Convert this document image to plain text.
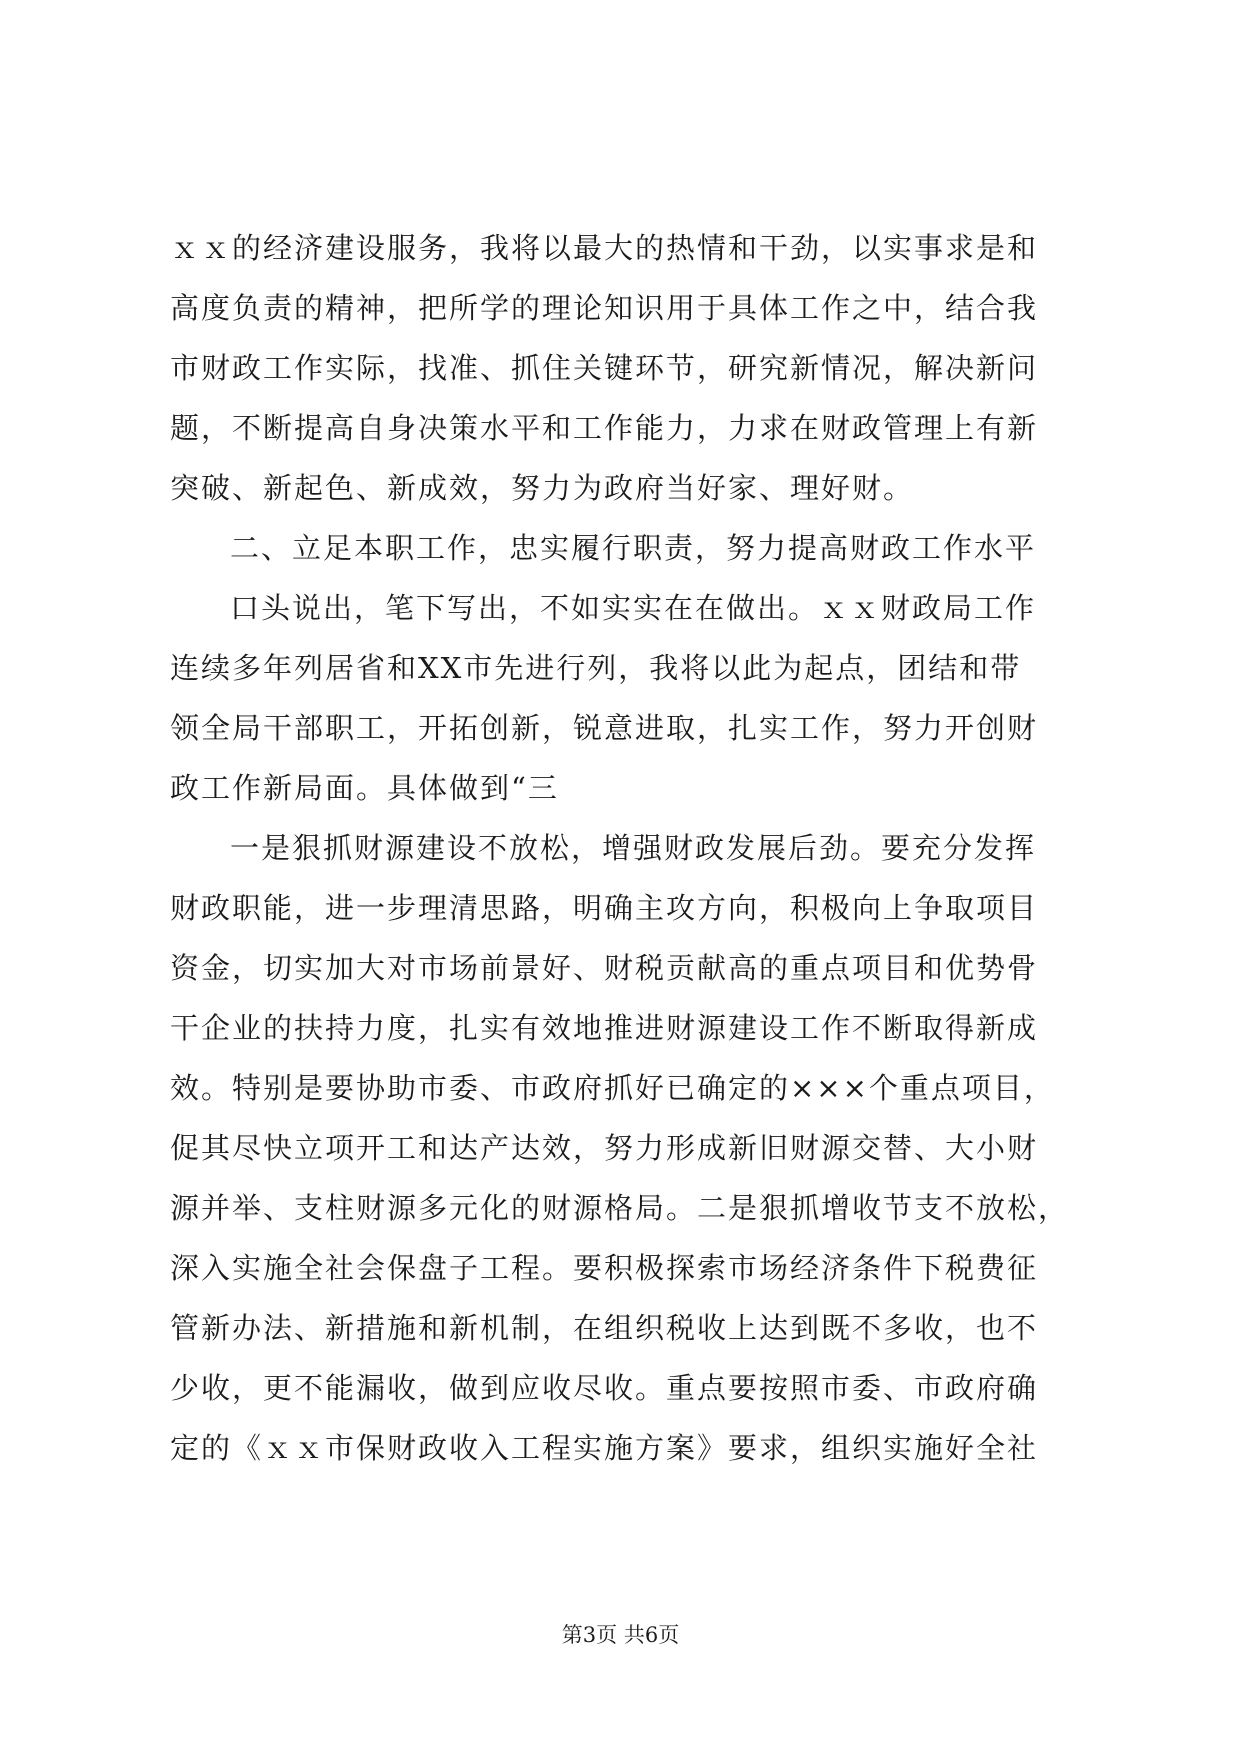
ｘｘ的经济建设服务，我将以最大的热情和干劲，以实事求是和
高度负责的精神，把所学的理论知识用于具体工作之中，结合我
市财政工作实际，找准、抓住关键环节，研究新情况，解决新问
题，不断提高自身决策水平和工作能力，力求在财政管理上有新
突破、新起色、新成效，努力为政府当好家、理好财。
二、立足本职工作，忠实履行职责，努力提高财政工作水平
口头说出，笔下写出，不如实实在在做出。ｘｘ财政局工作
连续多年列居省和XX市先进行列，我将以此为起点，团结和带
领全局干部职工，开拓创新，锐意进取，扎实工作，努力开创财
政工作新局面。具体做到“三
一是狠抓财源建设不放松，增强财政发展后劲。要充分发挥
财政职能，进一步理清思路，明确主攻方向，积极向上争取项目
资金，切实加大对市场前景好、财税贡献高的重点项目和优势骨
干企业的扶持力度，扎实有效地推进财源建设工作不断取得新成
效。特别是要协助市委、市政府抓好已确定的×××个重点项目，
促其尽快立项开工和达产达效，努力形成新旧财源交替、大小财
源并举、支柱财源多元化的财源格局。二是狠抓增收节支不放松，
深入实施全社会保盘子工程。要积极探索市场经济条件下税费征
管新办法、新措施和新机制，在组织税收上达到既不多收，也不
少收，更不能漏收，做到应收尽收。重点要按照市委、市政府确
定的《ｘｘ市保财政收入工程实施方案》要求，组织实施好全社
第3页 共6页
